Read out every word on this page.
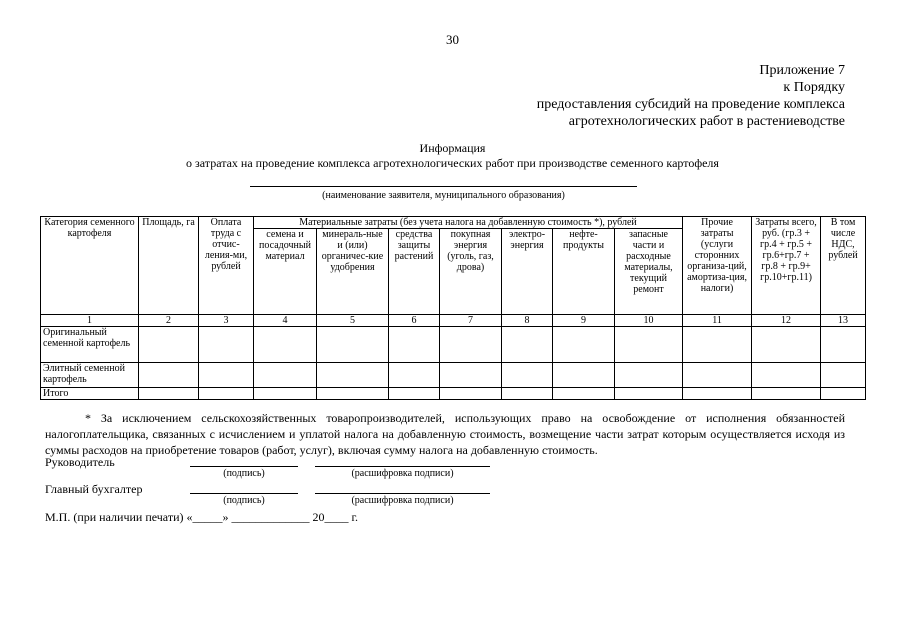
30
Приложение 7
к Порядку
предоставления субсидий на проведение комплекса
агротехнологических работ в растениеводстве
Информация
о затратах на проведение комплекса агротехнологических работ при производстве семенного картофеля
(наименование заявителя, муниципального образования)
Категория семенного картофеля	Площадь, га	Оплата труда с отчис-ления-ми, рублей	Материальные затраты (без учета налога на добавленную стоимость *), рублей							Прочие затраты (услуги сторонних организа-ций, амортиза-ция, налоги)	Затраты всего, руб. (гр.3 + гр.4 + гр.5 + гр.6+гр.7 + гр.8 + гр.9+ гр.10+гр.11)	В том числе НДС, рублей
			семена и посадочный материал	минераль-ные и (или) органичес-кие удобрения	средства защиты растений	покупная энергия (уголь, газ, дрова)	электро-энергия	нефте-продукты	запасные части и расходные материалы, текущий ремонт			
1	2	3	4	5	6	7	8	9	10	11	12	13
Оригинальный семенной картофель												
Элитный семенной картофель												
Итого												
* За исключением сельскохозяйственных товаропроизводителей, использующих право на освобождение от исполнения обязанностей налогоплательщика, связанных с исчислением и уплатой налога на добавленную стоимость, возмещение части затрат которым осуществляется исходя из суммы расходов на приобретение товаров (работ, услуг), включая сумму налога на добавленную стоимость.
Руководитель
(подпись)	(расшифровка подписи)
Главный бухгалтер
(подпись)	(расшифровка подписи)
М.П. (при наличии печати) «_____» _____________ 20____ г.
